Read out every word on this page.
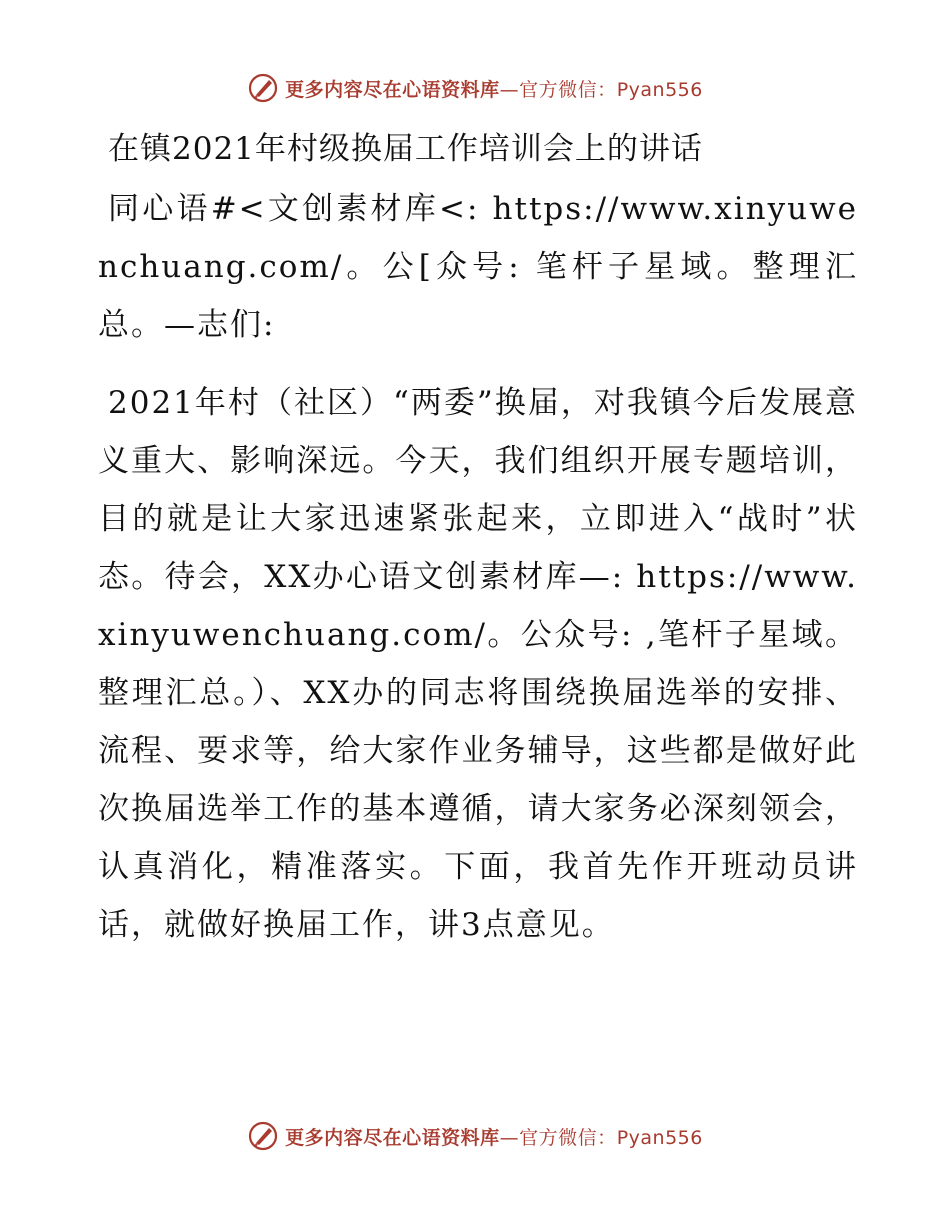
更多内容尽在心语资料库—官方微信：Pyan556

在镇2021年村级换届工作培训会上的讲话

同心语#<文创素材库<: https://www.xinyuwenchuang.com/。公[众号: 笔杆子星域。整理汇总。—志们:

2021年村（社区）“两委”换届，对我镇今后发展意义重大、影响深远。今天，我们组织开展专题培训，目的就是让大家迅速紧张起来，立即进入“战时”状态。待会，XX办心语文创素材库—: https://www.xinyuwenchuang.com/。公众号: ,笔杆子星域。整理汇总。）、XX办的同志将围绕换届选举的安排、流程、要求等，给大家作业务辅导，这些都是做好此次换届选举工作的基本遵循，请大家务必深刻领会，认真消化，精准落实。下面，我首先作开班动员讲话，就做好换届工作，讲3点意见。

更多内容尽在心语资料库—官方微信：Pyan556
